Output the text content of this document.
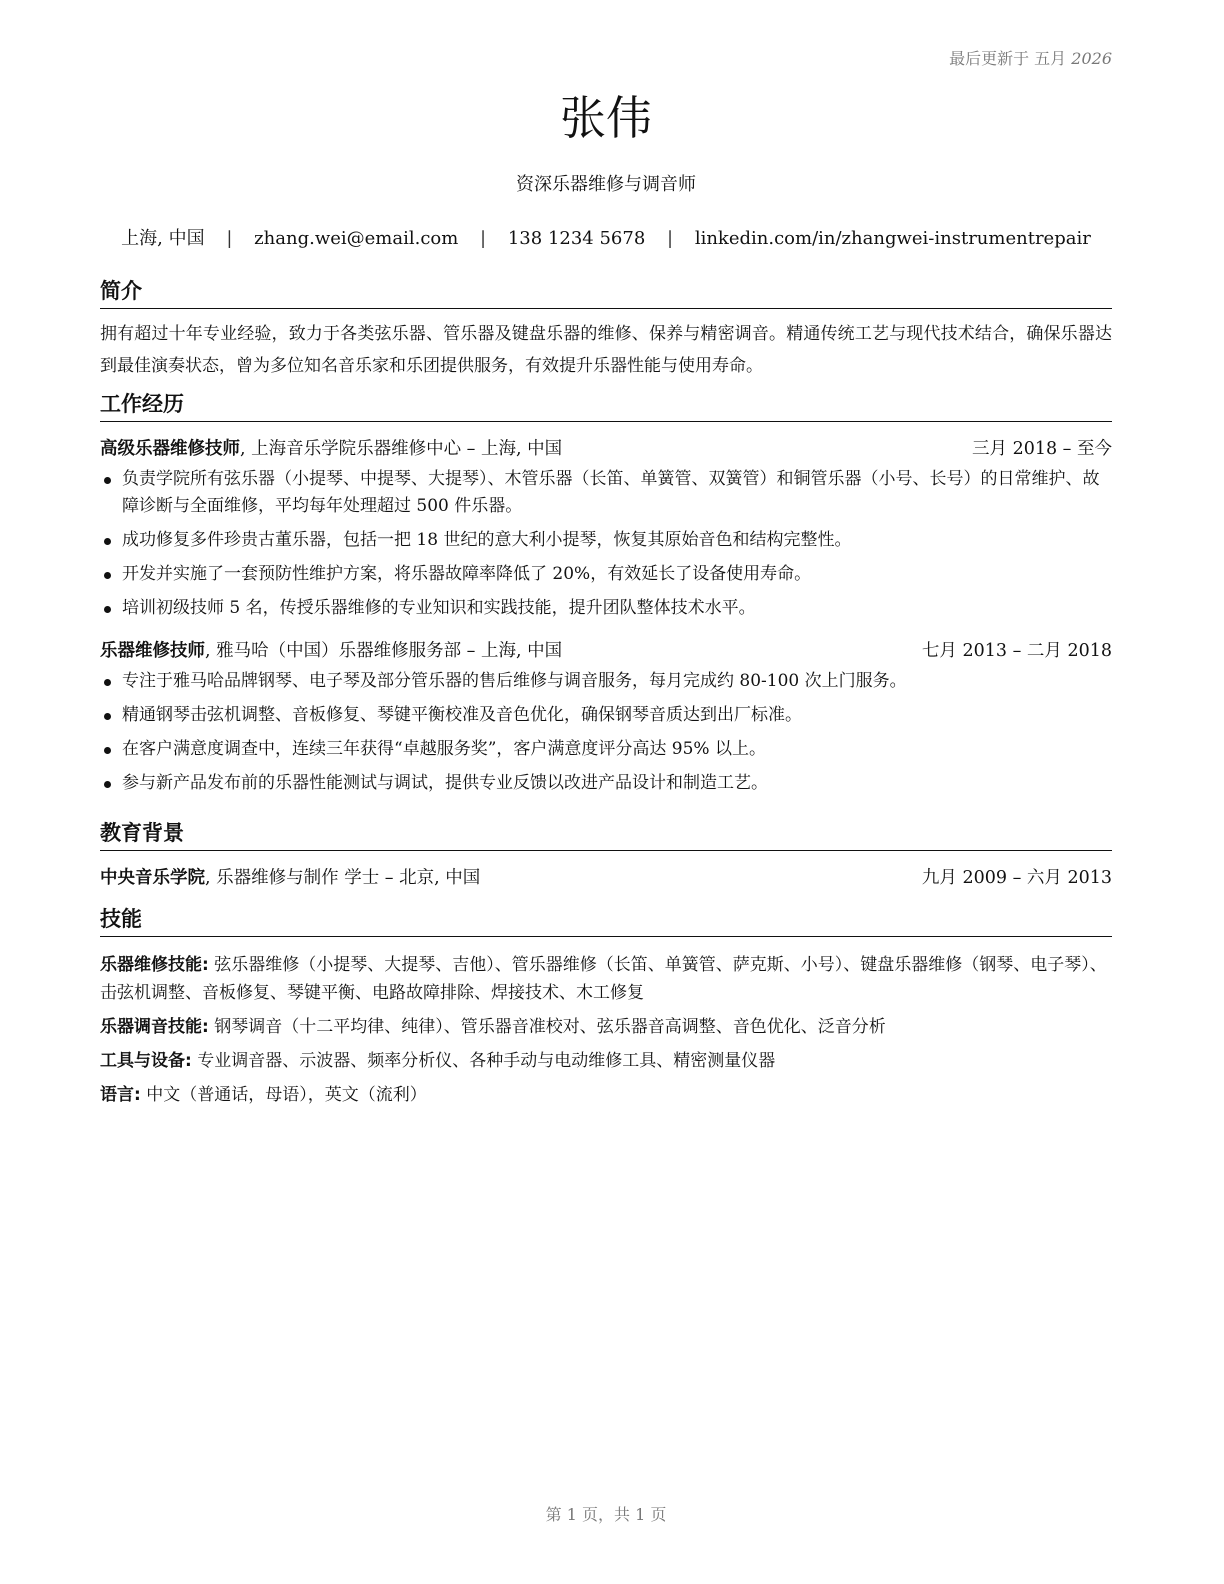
最后更新于 五月 2026
张伟
资深乐器维修与调音师
上海, 中国 | zhang.wei@email.com | 138 1234 5678 | linkedin.com/in/zhangwei-instrumentrepair
简介

拥有超过十年专业经验，致力于各类弦乐器、管乐器及键盘乐器的维修、保养与精密调音。精通传统工艺与现代技术结合，确保乐器达到最佳演奏状态，曾为多位知名音乐家和乐团提供服务，有效提升乐器性能与使用寿命。

工作经历
高级乐器维修技师, 上海音乐学院乐器维修中心 – 上海, 中国	三月 2018 – 至今
负责学院所有弦乐器（小提琴、中提琴、大提琴）、木管乐器（长笛、单簧管、双簧管）和铜管乐器（小号、长号）的日常维护、故障诊断与全面维修，平均每年处理超过 500 件乐器。
成功修复多件珍贵古董乐器，包括一把 18 世纪的意大利小提琴，恢复其原始音色和结构完整性。
开发并实施了一套预防性维护方案，将乐器故障率降低了 20%，有效延长了设备使用寿命。
培训初级技师 5 名，传授乐器维修的专业知识和实践技能，提升团队整体技术水平。
乐器维修技师, 雅马哈（中国）乐器维修服务部 – 上海, 中国	七月 2013 – 二月 2018
专注于雅马哈品牌钢琴、电子琴及部分管乐器的售后维修与调音服务，每月完成约 80-100 次上门服务。
精通钢琴击弦机调整、音板修复、琴键平衡校准及音色优化，确保钢琴音质达到出厂标准。
在客户满意度调查中，连续三年获得“卓越服务奖”，客户满意度评分高达 95% 以上。
参与新产品发布前的乐器性能测试与调试，提供专业反馈以改进产品设计和制造工艺。
教育背景
中央音乐学院, 乐器维修与制作 学士 – 北京, 中国	九月 2009 – 六月 2013
技能
乐器维修技能: 弦乐器维修（小提琴、大提琴、吉他）、管乐器维修（长笛、单簧管、萨克斯、小号）、键盘乐器维修（钢琴、电子琴）、击弦机调整、音板修复、琴键平衡、电路故障排除、焊接技术、木工修复
乐器调音技能: 钢琴调音（十二平均律、纯律）、管乐器音准校对、弦乐器音高调整、音色优化、泛音分析
工具与设备: 专业调音器、示波器、频率分析仪、各种手动与电动维修工具、精密测量仪器
语言: 中文（普通话，母语），英文（流利）
第 1 页，共 1 页
